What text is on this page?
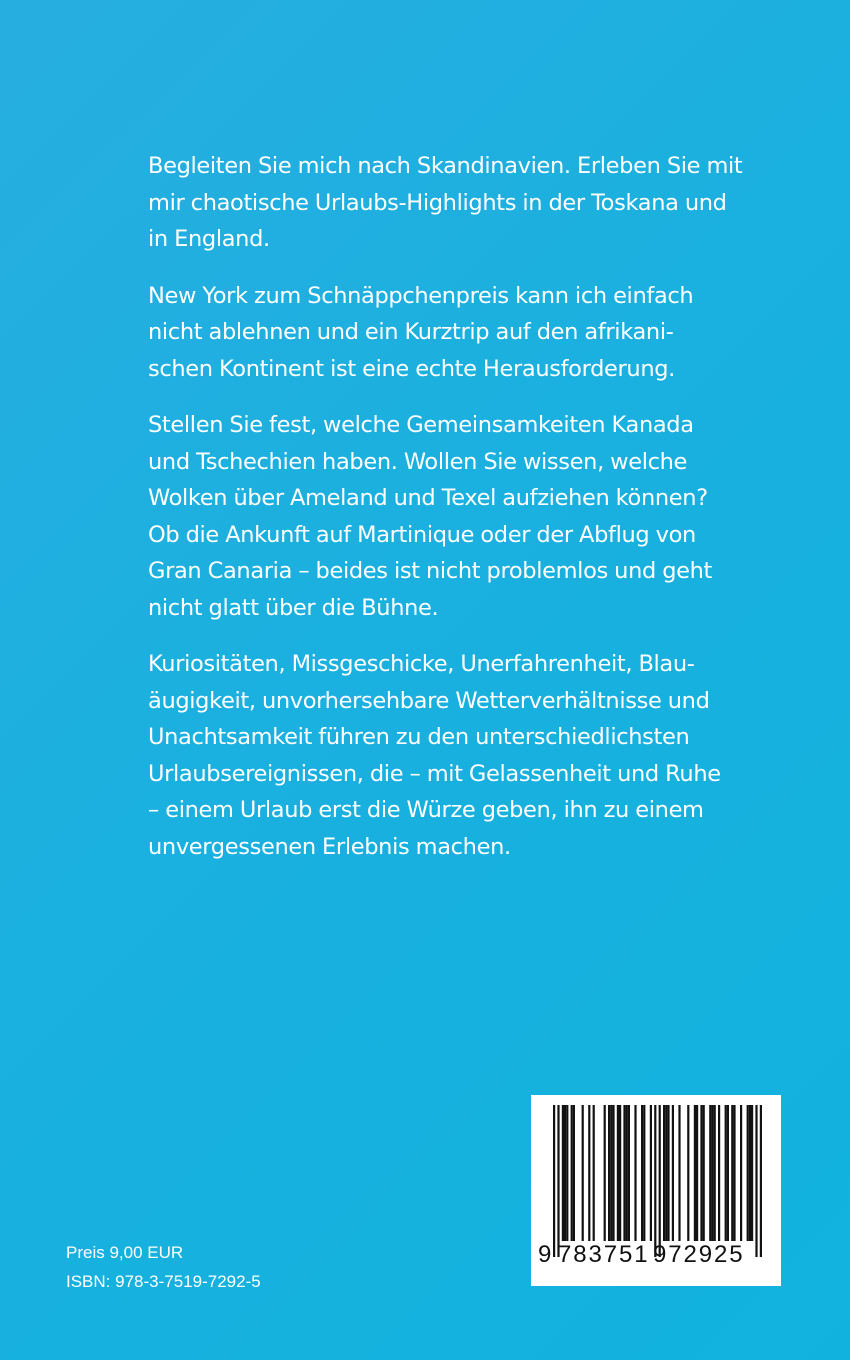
Begleiten Sie mich nach Skandinavien. Erleben Sie mit
mir chaotische Urlaubs-Highlights in der Toskana und
in England.

New York zum Schnäppchenpreis kann ich einfach
nicht ablehnen und ein Kurztrip auf den afrikani-
schen Kontinent ist eine echte Herausforderung.

Stellen Sie fest, welche Gemeinsamkeiten Kanada
und Tschechien haben. Wollen Sie wissen, welche
Wolken über Ameland und Texel aufziehen können?
Ob die Ankunft auf Martinique oder der Abflug von
Gran Canaria – beides ist nicht problemlos und geht
nicht glatt über die Bühne.

Kuriositäten, Missgeschicke, Unerfahrenheit, Blau-
äugigkeit, unvorhersehbare Wetterverhältnisse und
Unachtsamkeit führen zu den unterschiedlichsten
Urlaubsereignissen, die – mit Gelassenheit und Ruhe
– einem Urlaub erst die Würze geben, ihn zu einem
unvergessenen Erlebnis machen.

Preis 9,00 EUR
ISBN: 978-3-7519-7292-5
9 783751 972925
